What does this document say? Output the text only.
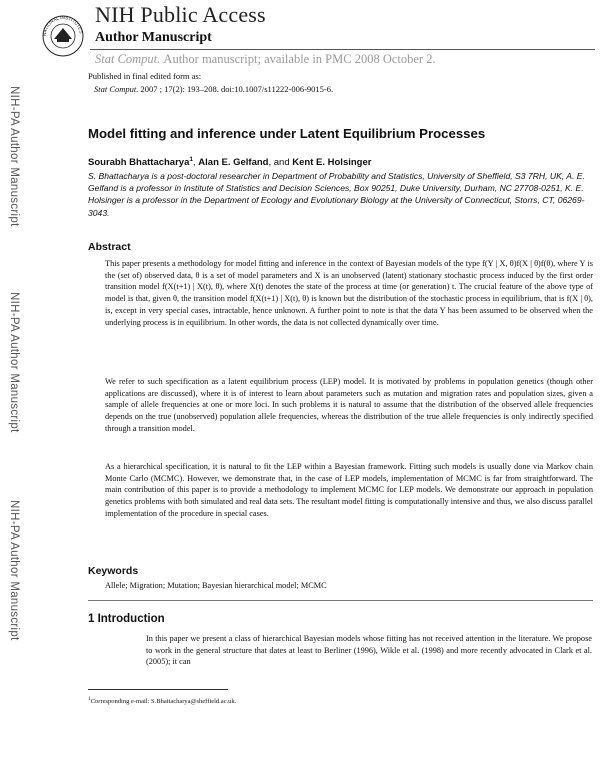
NATIONAL INSTITUTES
NIH Public Access
Author Manuscript
Stat Comput. Author manuscript; available in PMC 2008 October 2.
Published in final edited form as:
Stat Comput. 2007 ; 17(2): 193–208. doi:10.1007/s11222-006-9015-6.
NIH-PA Author Manuscript
NIH-PA Author Manuscript
NIH-PA Author Manuscript
Model fitting and inference under Latent Equilibrium Processes
Sourabh Bhattacharya$^1$, Alan E. Gelfand, and Kent E. Holsinger
S. Bhattacharya is a post-doctoral researcher in Department of Probability and Statistics, University of Sheffield, S3 7RH, UK, A. E. Gelfand is a professor in Institute of Statistics and Decision Sciences, Box 90251, Duke University, Durham, NC 27708-0251, K. E. Holsinger is a professor in the Department of Ecology and Evolutionary Biology at the University of Connecticut, Storrs, CT, 06269-3043.
Abstract
This paper presents a methodology for model fitting and inference in the context of Bayesian models of the type f(Y | X, θ)f(X | θ)f(θ), where Y is the (set of) observed data, θ is a set of model parameters and X is an unobserved (latent) stationary stochastic process induced by the first order transition model f(X(t+1) | X(t), θ), where X(t) denotes the state of the process at time (or generation) t. The crucial feature of the above type of model is that, given θ, the transition model f(X(t+1) | X(t), θ) is known but the distribution of the stochastic process in equilibrium, that is f(X | θ), is, except in very special cases, intractable, hence unknown. A further point to note is that the data Y has been assumed to be observed when the underlying process is in equilibrium. In other words, the data is not collected dynamically over time.
We refer to such specification as a latent equilibrium process (LEP) model. It is motivated by problems in population genetics (though other applications are discussed), where it is of interest to learn about parameters such as mutation and migration rates and population sizes, given a sample of allele frequencies at one or more loci. In such problems it is natural to assume that the distribution of the observed allele frequencies depends on the true (unobserved) population allele frequencies, whereas the distribution of the true allele frequencies is only indirectly specified through a transition model.
As a hierarchical specification, it is natural to fit the LEP within a Bayesian framework. Fitting such models is usually done via Markov chain Monte Carlo (MCMC). However, we demonstrate that, in the case of LEP models, implementation of MCMC is far from straightforward. The main contribution of this paper is to provide a methodology to implement MCMC for LEP models. We demonstrate our approach in population genetics problems with both simulated and real data sets. The resultant model fitting is computationally intensive and thus, we also discuss parallel implementation of the procedure in special cases.
Keywords
Allele; Migration; Mutation; Bayesian hierarchical model; MCMC
1 Introduction
In this paper we present a class of hierarchical Bayesian models whose fitting has not received attention in the literature. We propose to work in the general structure that dates at least to Berliner (1996), Wikle et al. (1998) and more recently advocated in Clark et al. (2005); it can
$^1$Corresponding e-mail: S.Bhattacharya@sheffield.ac.uk.
